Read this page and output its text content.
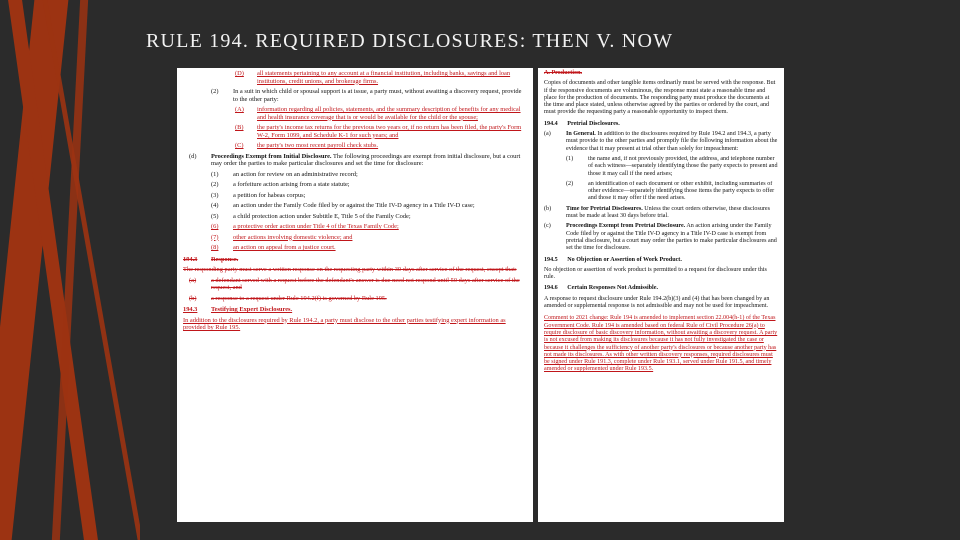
RULE 194. REQUIRED DISCLOSURES: THEN V. NOW
(D)	all statements pertaining to any account at a financial institution, including banks, savings and loan institutions, credit unions, and brokerage firms.
(2)	In a suit in which child or spousal support is at issue, a party must, without awaiting a discovery request, provide to the other party:
(A)	information regarding all policies, statements, and the summary description of benefits for any medical and health insurance coverage that is or would be available for the child or the spouse;
(B)	the party's income tax returns for the previous two years or, if no return has been filed, the party's Form W-2, Form 1099, and Schedule K-1 for such years; and
(C)	the party's two most recent payroll check stubs.
(d)	Proceedings Exempt from Initial Disclosure. The following proceedings are exempt from initial disclosure, but a court may order the parties to make particular disclosures and set the time for disclosure:
(1)	an action for review on an administrative record;
(2)	a forfeiture action arising from a state statute;
(3)	a petition for habeas corpus;
(4)	an action under the Family Code filed by or against the Title IV-D agency in a Title IV-D case;
(5)	a child protection action under Subtitle E, Title 5 of the Family Code;
(6)	a protective order action under Title 4 of the Texas Family Code;
(7)	other actions involving domestic violence; and
(8)	an action on appeal from a justice court.
194.3 Response.
The responding party must serve a written response on the requesting party within 30 days after service of the request, except that:
(a)	a defendant served with a request before the defendant's answer is due need not respond until 50 days after service of the request, and
(b)	a response to a request under Rule 194.2(f) is governed by Rule 195.
194.3 Testifying Expert Disclosures.
In addition to the disclosures required by Rule 194.2, a party must disclose to the other parties testifying expert information as provided by Rule 195.
A. Production.
Copies of documents and other tangible items ordinarily must be served with the response. But if the responsive documents are voluminous, the response must state a reasonable time and place for the production of documents. The responding party must produce the documents at the time and place stated, unless otherwise agreed by the parties or ordered by the court, and must provide the requesting party a reasonable opportunity to inspect them.
194.4 Pretrial Disclosures.
(a)	In General. In addition to the disclosures required by Rule 194.2 and 194.3, a party must provide to the other parties and promptly file the following information about the evidence that it may present at trial other than solely for impeachment:
(1)	the name and, if not previously provided, the address, and telephone number of each witness—separately identifying those the party expects to present and those it may call if the need arises;
(2)	an identification of each document or other exhibit, including summaries of other evidence—separately identifying those items the party expects to offer and those it may offer if the need arises.
(b)	Time for Pretrial Disclosures. Unless the court orders otherwise, these disclosures must be made at least 30 days before trial.
(c)	Proceedings Exempt from Pretrial Disclosure. An action arising under the Family Code filed by or against the Title IV-D agency in a Title IV-D case is exempt from pretrial disclosure, but a court may order the parties to make particular disclosures and set the time for disclosure.
194.5 No Objection or Assertion of Work Product.
No objection or assertion of work product is permitted to a request for disclosure under this rule.
194.6 Certain Responses Not Admissible.
A response to request disclosure under Rule 194.2(b)(3) and (4) that has been changed by an amended or supplemental response is not admissible and may not be used for impeachment.
Comment to 2021 change: Rule 194 is amended to implement section 22.004(h-1) of the Texas Government Code. Rule 194 is amended based on federal Rule of Civil Procedure 26(a) to require disclosure of basic discovery information, without awaiting a discovery request. A party is not excused from making its disclosures because it has not fully investigated the case or because it challenges the sufficiency of another party's disclosures or because another party has not made its disclosures. As with other written discovery responses, required disclosures must be signed under Rule 191.3, complete under Rule 193.1, served under Rule 191.5, and timely amended or supplemented under Rule 193.5.
